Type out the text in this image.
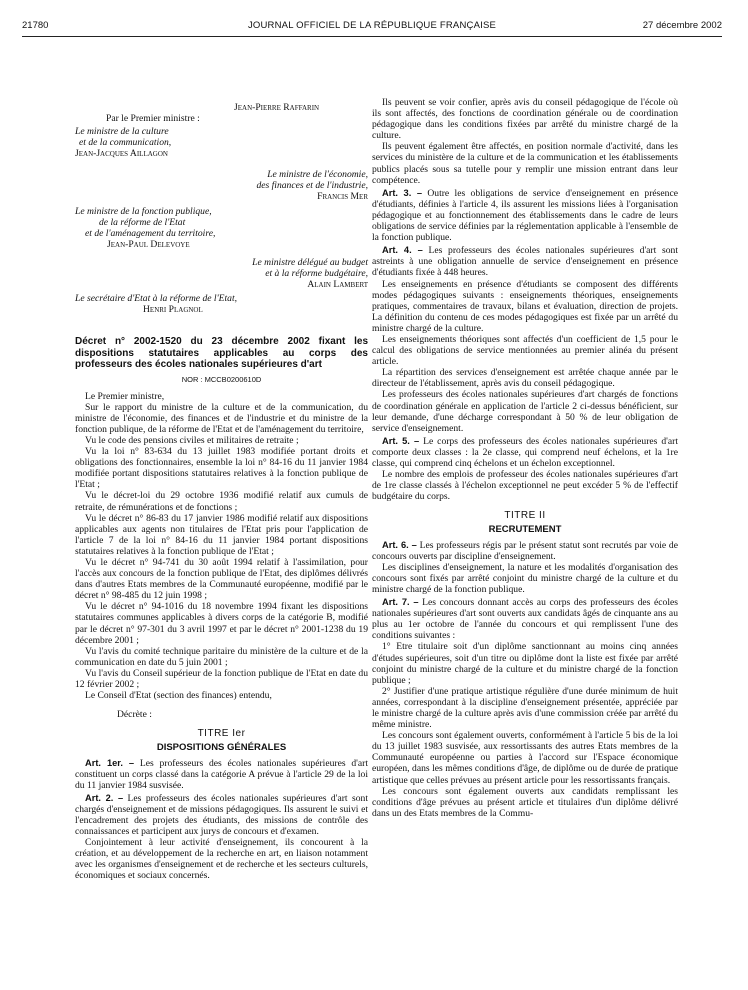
21780	JOURNAL OFFICIEL DE LA RÉPUBLIQUE FRANÇAISE	27 décembre 2002
Jean-Pierre Raffarin
Par le Premier ministre :
Le ministre de la culture
et de la communication,
Jean-Jacques Aillagon
Le ministre de l'économie,
des finances et de l'industrie,
Francis Mer
Le ministre de la fonction publique,
de la réforme de l'Etat
et de l'aménagement du territoire,
Jean-Paul Delevoye
Le ministre délégué au budget
et à la réforme budgétaire,
Alain Lambert
Le secrétaire d'Etat à la réforme de l'Etat,
Henri Plagnol
Décret n° 2002-1520 du 23 décembre 2002 fixant les dispositions statutaires applicables au corps des professeurs des écoles nationales supérieures d'art
NOR : MCCB0200610D

Le Premier ministre,

Sur le rapport du ministre de la culture et de la communication, du ministre de l'économie, des finances et de l'industrie et du ministre de la fonction publique, de la réforme de l'Etat et de l'aménagement du territoire,

Vu le code des pensions civiles et militaires de retraite ;

Vu la loi n° 83-634 du 13 juillet 1983 modifiée portant droits et obligations des fonctionnaires, ensemble la loi n° 84-16 du 11 janvier 1984 modifiée portant dispositions statutaires relatives à la fonction publique de l'Etat ;

Vu le décret-loi du 29 octobre 1936 modifié relatif aux cumuls de retraite, de rémunérations et de fonctions ;

Vu le décret n° 86-83 du 17 janvier 1986 modifié relatif aux dispositions applicables aux agents non titulaires de l'Etat pris pour l'application de l'article 7 de la loi n° 84-16 du 11 janvier 1984 portant dispositions statutaires relatives à la fonction publique de l'Etat ;

Vu le décret n° 94-741 du 30 août 1994 relatif à l'assimilation, pour l'accès aux concours de la fonction publique de l'Etat, des diplômes délivrés dans d'autres Etats membres de la Communauté européenne, modifié par le décret n° 98-485 du 12 juin 1998 ;

Vu le décret n° 94-1016 du 18 novembre 1994 fixant les dispositions statutaires communes applicables à divers corps de la catégorie B, modifié par le décret n° 97-301 du 3 avril 1997 et par le décret n° 2001-1238 du 19 décembre 2001 ;

Vu l'avis du comité technique paritaire du ministère de la culture et de la communication en date du 5 juin 2001 ;

Vu l'avis du Conseil supérieur de la fonction publique de l'Etat en date du 12 février 2002 ;

Le Conseil d'Etat (section des finances) entendu,

Décrète :

TITRE Ier
DISPOSITIONS GÉNÉRALES

Art. 1er. – Les professeurs des écoles nationales supérieures d'art constituent un corps classé dans la catégorie A prévue à l'article 29 de la loi du 11 janvier 1984 susvisée.

Art. 2. – Les professeurs des écoles nationales supérieures d'art sont chargés d'enseignement et de missions pédagogiques. Ils assurent le suivi et l'encadrement des projets des étudiants, des missions de contrôle des connaissances et participent aux jurys de concours et d'examen.

Conjointement à leur activité d'enseignement, ils concourent à la création, et au développement de la recherche en art, en liaison notamment avec les organismes d'enseignement et de recherche et les secteurs culturels, économiques et sociaux concernés.

Ils peuvent se voir confier, après avis du conseil pédagogique de l'école où ils sont affectés, des fonctions de coordination générale ou de coordination pédagogique dans les conditions fixées par arrêté du ministre chargé de la culture.

Ils peuvent également être affectés, en position normale d'activité, dans les services du ministère de la culture et de la communication et les établissements publics placés sous sa tutelle pour y remplir une mission entrant dans leur compétence.

Art. 3. – Outre les obligations de service d'enseignement en présence d'étudiants, définies à l'article 4, ils assurent les missions liées à l'organisation pédagogique et au fonctionnement des établissements dans le cadre de leurs obligations de service définies par la réglementation applicable à l'ensemble de la fonction publique.

Art. 4. – Les professeurs des écoles nationales supérieures d'art sont astreints à une obligation annuelle de service d'enseignement en présence d'étudiants fixée à 448 heures.

Les enseignements en présence d'étudiants se composent des différents modes pédagogiques suivants : enseignements théoriques, enseignements pratiques, commentaires de travaux, bilans et évaluation, direction de projets. La définition du contenu de ces modes pédagogiques est fixée par un arrêté du ministre chargé de la culture.

Les enseignements théoriques sont affectés d'un coefficient de 1,5 pour le calcul des obligations de service mentionnées au premier alinéa du présent article.

La répartition des services d'enseignement est arrêtée chaque année par le directeur de l'établissement, après avis du conseil pédagogique.

Les professeurs des écoles nationales supérieures d'art chargés de fonctions de coordination générale en application de l'article 2 ci-dessus bénéficient, sur leur demande, d'une décharge correspondant à 50 % de leur obligation de service d'enseignement.

Art. 5. – Le corps des professeurs des écoles nationales supérieures d'art comporte deux classes : la 2e classe, qui comprend neuf échelons, et la 1re classe, qui comprend cinq échelons et un échelon exceptionnel.

Le nombre des emplois de professeur des écoles nationales supérieures d'art de 1re classe classés à l'échelon exceptionnel ne peut excéder 5 % de l'effectif budgétaire du corps.

TITRE II
RECRUTEMENT

Art. 6. – Les professeurs régis par le présent statut sont recrutés par voie de concours ouverts par discipline d'enseignement.

Les disciplines d'enseignement, la nature et les modalités d'organisation des concours sont fixés par arrêté conjoint du ministre chargé de la culture et du ministre chargé de la fonction publique.

Art. 7. – Les concours donnant accès au corps des professeurs des écoles nationales supérieures d'art sont ouverts aux candidats âgés de cinquante ans au plus au 1er octobre de l'année du concours et qui remplissent l'une des conditions suivantes :

1° Etre titulaire soit d'un diplôme sanctionnant au moins cinq années d'études supérieures, soit d'un titre ou diplôme dont la liste est fixée par arrêté conjoint du ministre chargé de la culture et du ministre chargé de la fonction publique ;

2° Justifier d'une pratique artistique régulière d'une durée minimum de huit années, correspondant à la discipline d'enseignement présentée, appréciée par le ministre chargé de la culture après avis d'une commission créée par arrêté du même ministre.

Les concours sont également ouverts, conformément à l'article 5 bis de la loi du 13 juillet 1983 susvisée, aux ressortissants des autres Etats membres de la Communauté européenne ou parties à l'accord sur l'Espace économique européen, dans les mêmes conditions d'âge, de diplôme ou de durée de pratique artistique que celles prévues au présent article pour les ressortissants français.

Les concours sont également ouverts aux candidats remplissant les conditions d'âge prévues au présent article et titulaires d'un diplôme délivré dans un des Etats membres de la Commu-
